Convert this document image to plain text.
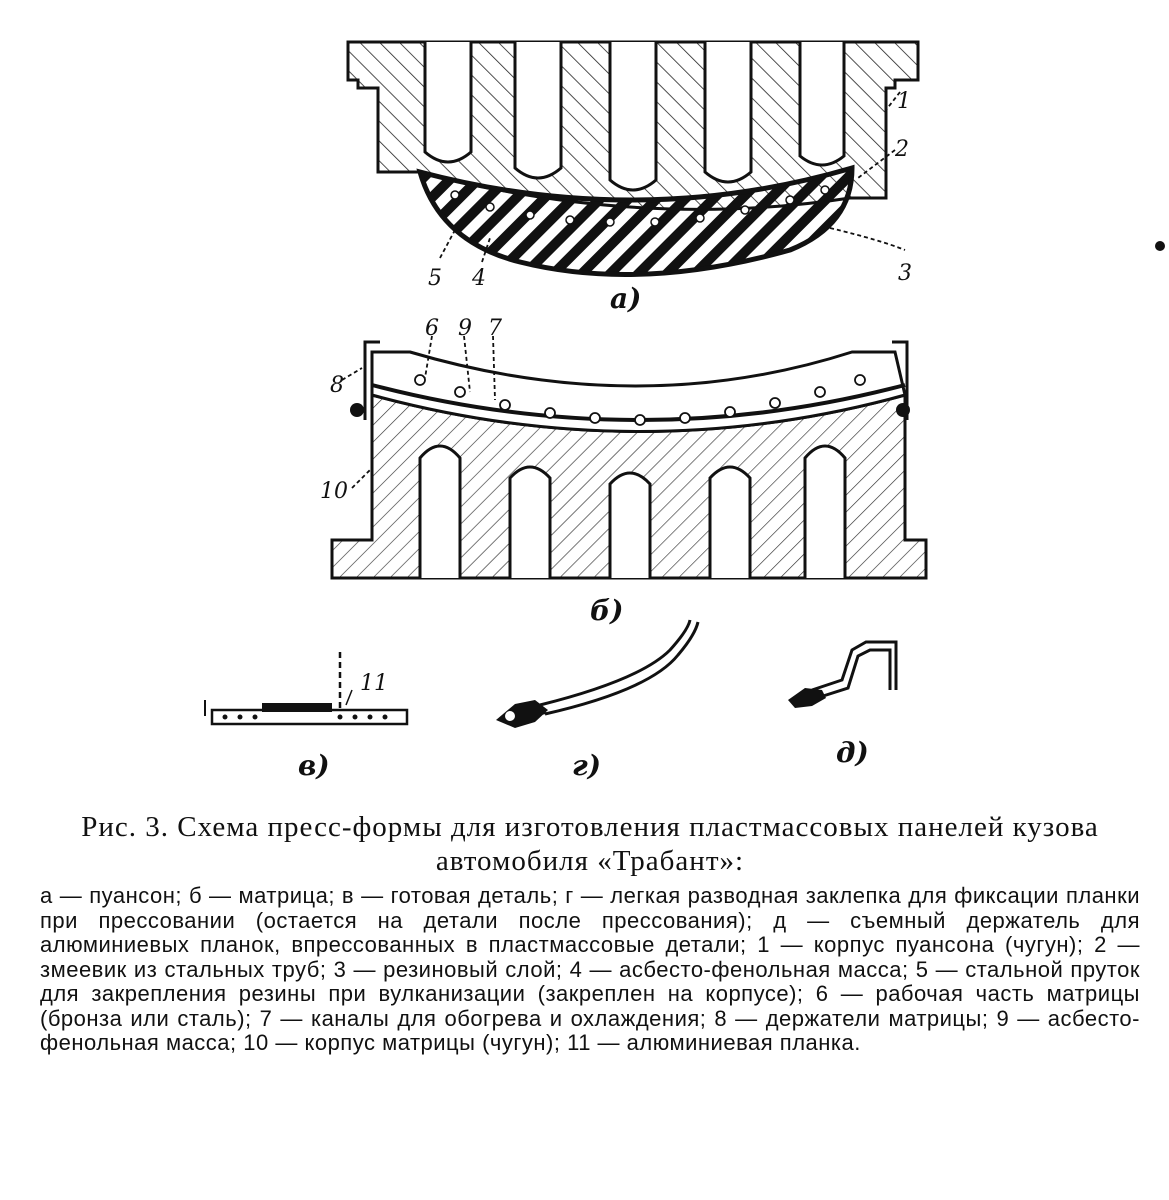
1
2
3
4
5
a)
6 9 7
8
10
б)
11
в)	г)	д)

Рис. 3. Схема пресс-формы для изготовления пластмассовых панелей кузова автомобиля «Трабант»:

а — пуансон; б — матрица; в — готовая деталь; г — легкая разводная заклепка для фиксации планки при прессовании (остается на детали после прессования); д — съемный держатель для алюминиевых планок, впрессованных в пластмассовые детали; 1 — корпус пуансона (чугун); 2 — змеевик из стальных труб; 3 — резиновый слой; 4 — асбесто-фенольная масса; 5 — стальной пруток для закрепления резины при вулканизации (закреплен на корпусе); 6 — рабочая часть матрицы (бронза или сталь); 7 — каналы для обогрева и охлаждения; 8 — держатели матрицы; 9 — асбесто-фенольная масса; 10 — корпус матрицы (чугун); 11 — алюминиевая планка.
